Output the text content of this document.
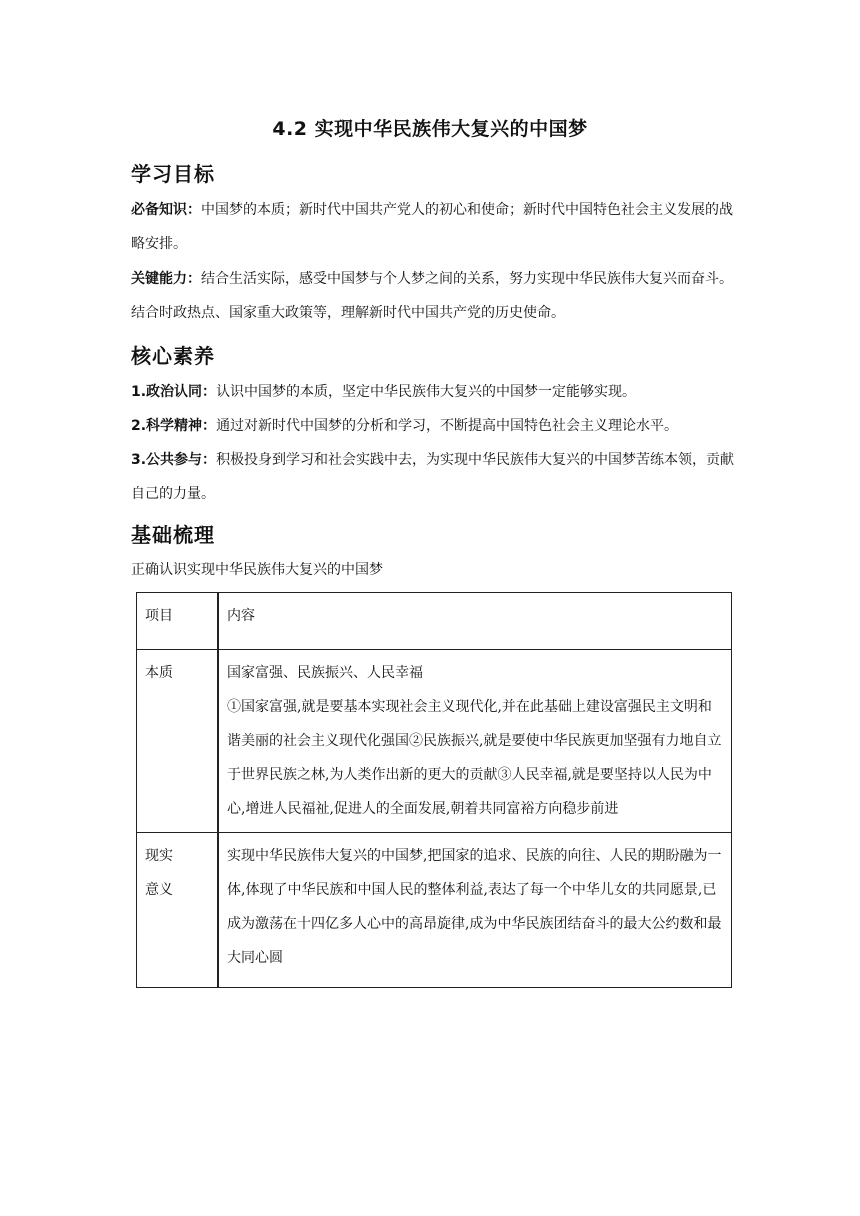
4.2 实现中华民族伟大复兴的中国梦
学习目标
必备知识：中国梦的本质；新时代中国共产党人的初心和使命；新时代中国特色社会主义发展的战略安排。
关键能力：结合生活实际，感受中国梦与个人梦之间的关系，努力实现中华民族伟大复兴而奋斗。结合时政热点、国家重大政策等，理解新时代中国共产党的历史使命。
核心素养
1.政治认同：认识中国梦的本质，坚定中华民族伟大复兴的中国梦一定能够实现。
2.科学精神：通过对新时代中国梦的分析和学习，不断提高中国特色社会主义理论水平。
3.公共参与：积极投身到学习和社会实践中去，为实现中华民族伟大复兴的中国梦苦练本领，贡献自己的力量。
基础梳理
正确认识实现中华民族伟大复兴的中国梦
项目	内容

本质	国家富强、民族振兴、人民幸福
①国家富强,就是要基本实现社会主义现代化,并在此基础上建设富强民主文明和谐美丽的社会主义现代化强国②民族振兴,就是要使中华民族更加坚强有力地自立于世界民族之林,为人类作出新的更大的贡献③人民幸福,就是要坚持以人民为中心,增进人民福祉,促进人的全面发展,朝着共同富裕方向稳步前进

现实意义	实现中华民族伟大复兴的中国梦,把国家的追求、民族的向往、人民的期盼融为一体,体现了中华民族和中国人民的整体利益,表达了每一个中华儿女的共同愿景,已成为激荡在十四亿多人心中的高昂旋律,成为中华民族团结奋斗的最大公约数和最大同心圆
